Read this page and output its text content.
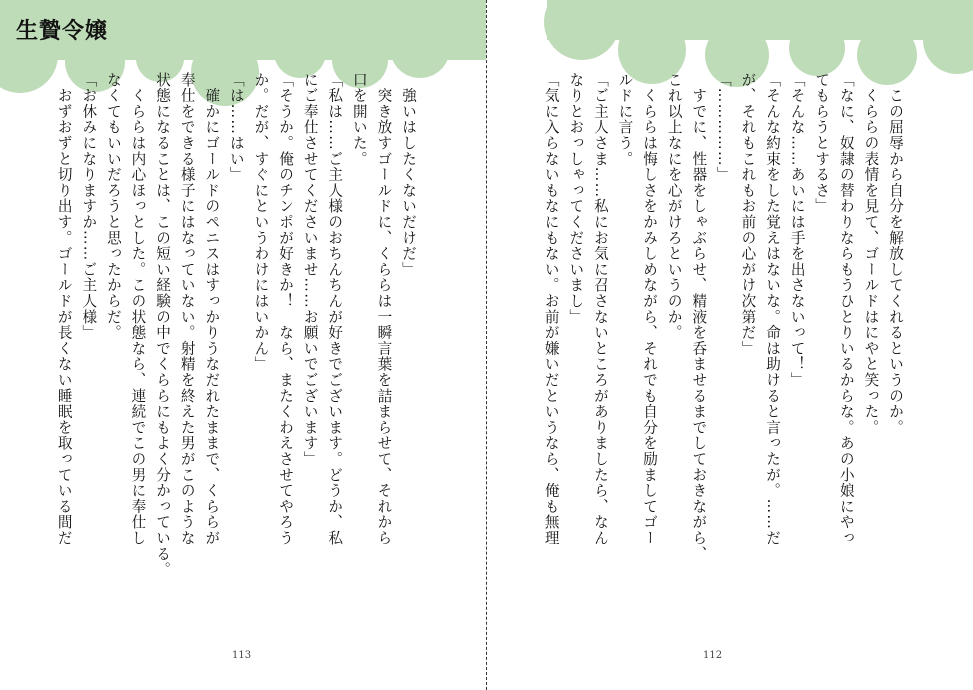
生贄令嬢
　強いはしたくないだけだ」
　突き放すゴールドに、くららは一瞬言葉を詰まらせて、それから
口を開いた。
「私は……ご主人様のおちんちんが好きでございます。どうか、私
にご奉仕させてくださいませ……お願いでございます」
「そうか。俺のチンポが好きか！　なら、またくわえさせてやろう
か。だが、すぐにというわけにはいかん」
「は……はい」
　確かにゴールドのペニスはすっかりうなだれたままで、くららが
奉仕をできる様子にはなっていない。射精を終えた男がこのような
状態になることは、この短い経験の中でくららにもよく分かっている。
　くららは内心ほっとした。この状態なら、連続でこの男に奉仕し
なくてもいいだろうと思ったからだ。
「お休みになりますか……ご主人様」
　おずおずと切り出す。ゴールドが長くない睡眠を取っている間だ
113
　この屈辱から自分を解放してくれるというのか。
　くららの表情を見て、ゴールドはにやと笑った。
「なに、奴隷の替わりならもうひとりいるからな。あの小娘にやっ
てもらうとするさ」
「そんな……あいには手を出さないって！」
「そんな約束をした覚えはないな。命は助けると言ったが。……だ
が、それもこれもお前の心がけ次第だ」
「……………」
　すでに、性器をしゃぶらせ、精液を呑ませるまでしておきながら、
これ以上なにを心がけろというのか。
　くららは悔しさをかみしめながら、それでも自分を励ましてゴー
ルドに言う。
「ご主人さま……私にお気に召さないところがありましたら、なん
なりとおっしゃってくださいまし」
「気に入らないもなにもない。お前が嫌いだというなら、俺も無理
112
